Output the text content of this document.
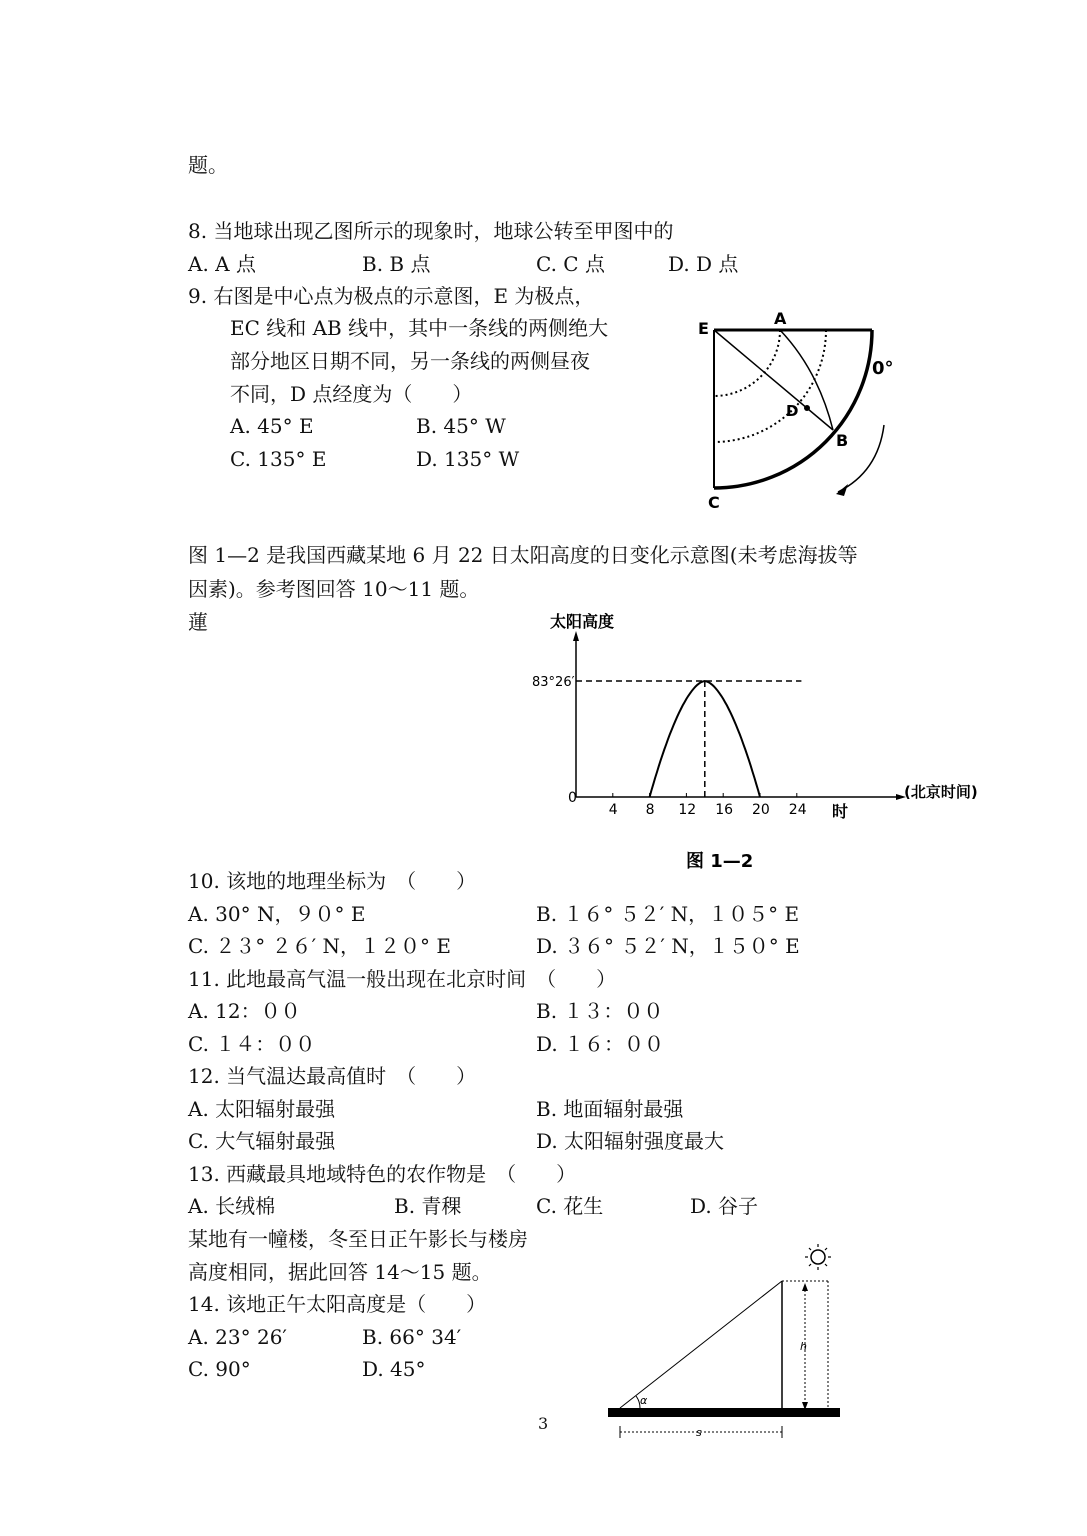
题。
8. 当地球出现乙图所示的现象时，地球公转至甲图中的
A. A 点	B. B 点	C. C 点	D. D 点
9. 右图是中心点为极点的示意图，E 为极点，
EC 线和 AB 线中，其中一条线的两侧绝大
部分地区日期不同，另一条线的两侧昼夜
不同，D 点经度为（　　）
A. 45° E	B. 45° W
C. 135° E	D. 135° W
图 1—2 是我国西藏某地 6 月 22 日太阳高度的日变化示意图(未考虑海拔等
因素)。参考图回答 10～11 题。
蓮
10. 该地的地理坐标为　（　　）
A. 30° N，９０° E	B. １６° ５２′ N，１０５° E
C. ２３° ２６′ N，１２０° E	D. ３６° ５２′ N，１５０° E
11. 此地最高气温一般出现在北京时间　（　　）
A. 12：００	B. １３：００
C. １４：００	D. １６：００
12. 当气温达最高值时　（　　）
A. 太阳辐射最强	B. 地面辐射最强
C. 大气辐射最强	D. 太阳辐射强度最大
13. 西藏最具地域特色的农作物是　（　　）
A. 长绒棉	B. 青稞	C. 花生	D. 谷子
某地有一幢楼，冬至日正午影长与楼房
高度相同，据此回答 14～15 题。
14. 该地正午太阳高度是（　　）
A. 23° 26′	B. 66° 34′
C. 90°	D. 45°
3
E
A
D
B
C
0°
太阳高度
(北京时间)
时
0
83°26′
4 8 12 16 20 24
图 1—2
α
h
s
